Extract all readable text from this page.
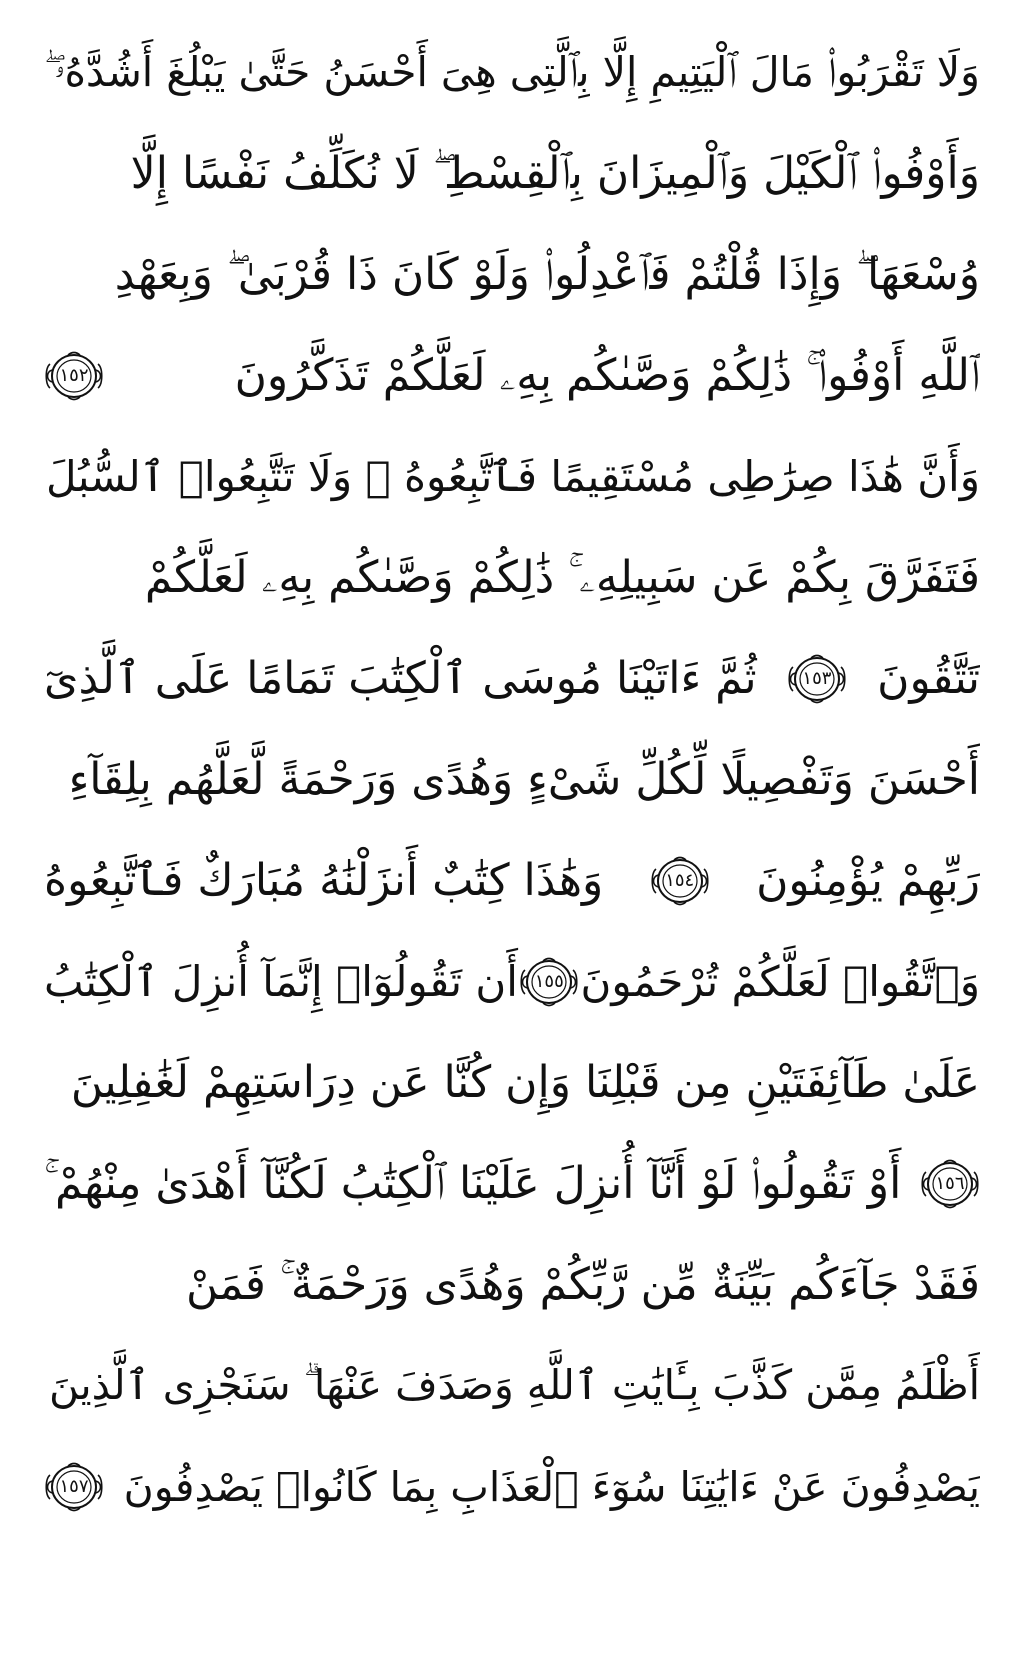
وَلَا تَقْرَبُوا۟ مَالَ ٱلْيَتِيمِ إِلَّا بِٱلَّتِى هِىَ أَحْسَنُ حَتَّىٰ يَبْلُغَ أَشُدَّهُۥ ۖ
وَأَوْفُوا۟ ٱلْكَيْلَ وَٱلْمِيزَانَ بِٱلْقِسْطِ ۖ لَا نُكَلِّفُ نَفْسًا إِلَّا
وُسْعَهَا ۖ وَإِذَا قُلْتُمْ فَٱعْدِلُوا۟ وَلَوْ كَانَ ذَا قُرْبَىٰ ۖ وَبِعَهْدِ
ٱللَّهِ أَوْفُوا۟ ۚ ذَٰلِكُمْ وَصَّىٰكُم بِهِۦ لَعَلَّكُمْ تَذَكَّرُونَ
١٥٢
وَأَنَّ هَٰذَا صِرَٰطِى مُسْتَقِيمًا فَٱتَّبِعُوهُ ۖ وَلَا تَتَّبِعُوا۟ ٱلسُّبُلَ
فَتَفَرَّقَ بِكُمْ عَن سَبِيلِهِۦ ۚ ذَٰلِكُمْ وَصَّىٰكُم بِهِۦ لَعَلَّكُمْ
تَتَّقُونَ
١٥٣
ثُمَّ ءَاتَيْنَا مُوسَى ٱلْكِتَٰبَ تَمَامًا عَلَى ٱلَّذِىٓ
أَحْسَنَ وَتَفْصِيلًا لِّكُلِّ شَىْءٍ وَهُدًى وَرَحْمَةً لَّعَلَّهُم بِلِقَآءِ
رَبِّهِمْ يُؤْمِنُونَ
١٥٤
وَهَٰذَا كِتَٰبٌ أَنزَلْنَٰهُ مُبَارَكٌ فَٱتَّبِعُوهُ
وَٱتَّقُوا۟ لَعَلَّكُمْ تُرْحَمُونَ
١٥٥
أَن تَقُولُوٓا۟ إِنَّمَآ أُنزِلَ ٱلْكِتَٰبُ
عَلَىٰ طَآئِفَتَيْنِ مِن قَبْلِنَا وَإِن كُنَّا عَن دِرَاسَتِهِمْ لَغَٰفِلِينَ
١٥٦
أَوْ تَقُولُوا۟ لَوْ أَنَّآ أُنزِلَ عَلَيْنَا ٱلْكِتَٰبُ لَكُنَّآ أَهْدَىٰ مِنْهُمْ ۚ
فَقَدْ جَآءَكُم بَيِّنَةٌ مِّن رَّبِّكُمْ وَهُدًى وَرَحْمَةٌ ۚ فَمَنْ
أَظْلَمُ مِمَّن كَذَّبَ بِـَٔايَٰتِ ٱللَّهِ وَصَدَفَ عَنْهَا ۗ سَنَجْزِى ٱلَّذِينَ
يَصْدِفُونَ عَنْ ءَايَٰتِنَا سُوٓءَ ٱلْعَذَابِ بِمَا كَانُوا۟ يَصْدِفُونَ
١٥٧
